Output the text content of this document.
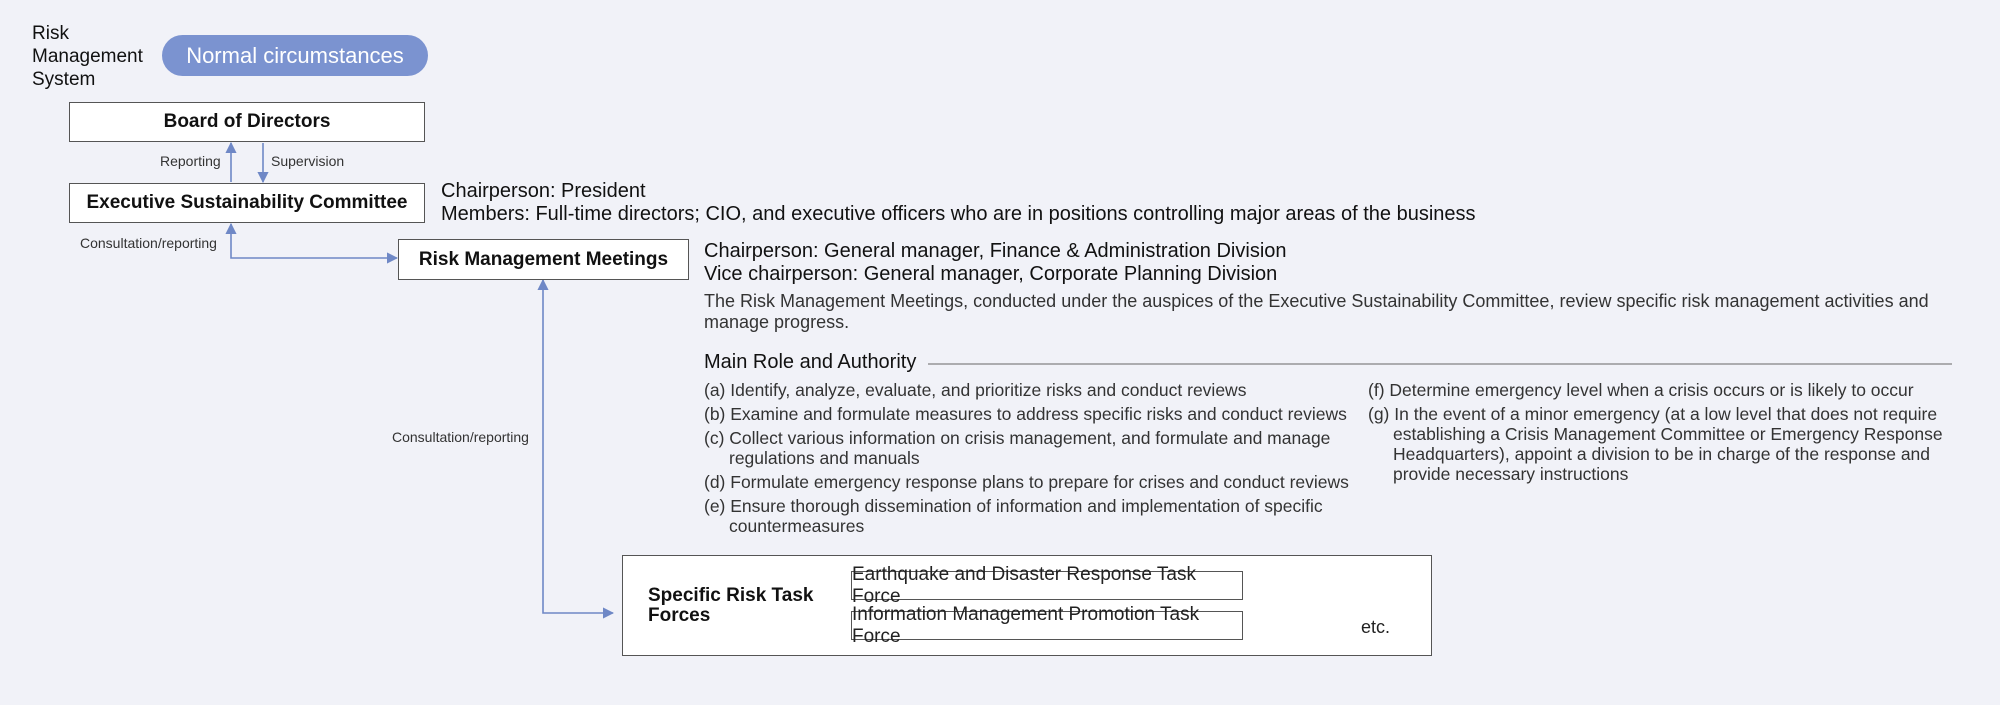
Risk
Management
System
Normal circumstances
Board of Directors
Executive Sustainability Committee
Risk Management Meetings
Reporting	Supervision
Consultation/reporting
Consultation/reporting
Chairperson: President
Members: Full-time directors; CIO, and executive officers who are in positions controlling major areas of the business
Chairperson: General manager, Finance & Administration Division
Vice chairperson: General manager, Corporate Planning Division
The Risk Management Meetings, conducted under the auspices of the Executive Sustainability Committee, review specific risk management activities and manage progress.
Main Role and Authority
(a) Identify, analyze, evaluate, and prioritize risks and conduct reviews
(b) Examine and formulate measures to address specific risks and conduct reviews
(c) Collect various information on crisis management, and formulate and manage regulations and manuals
(d) Formulate emergency response plans to prepare for crises and conduct reviews
(e) Ensure thorough dissemination of information and implementation of specific countermeasures
(f) Determine emergency level when a crisis occurs or is likely to occur
(g) In the event of a minor emergency (at a low level that does not require establishing a Crisis Management Committee or Emergency Response Headquarters), appoint a division to be in charge of the response and provide necessary instructions
Specific Risk Task Forces
Earthquake and Disaster Response Task Force
Information Management Promotion Task Force	etc.
